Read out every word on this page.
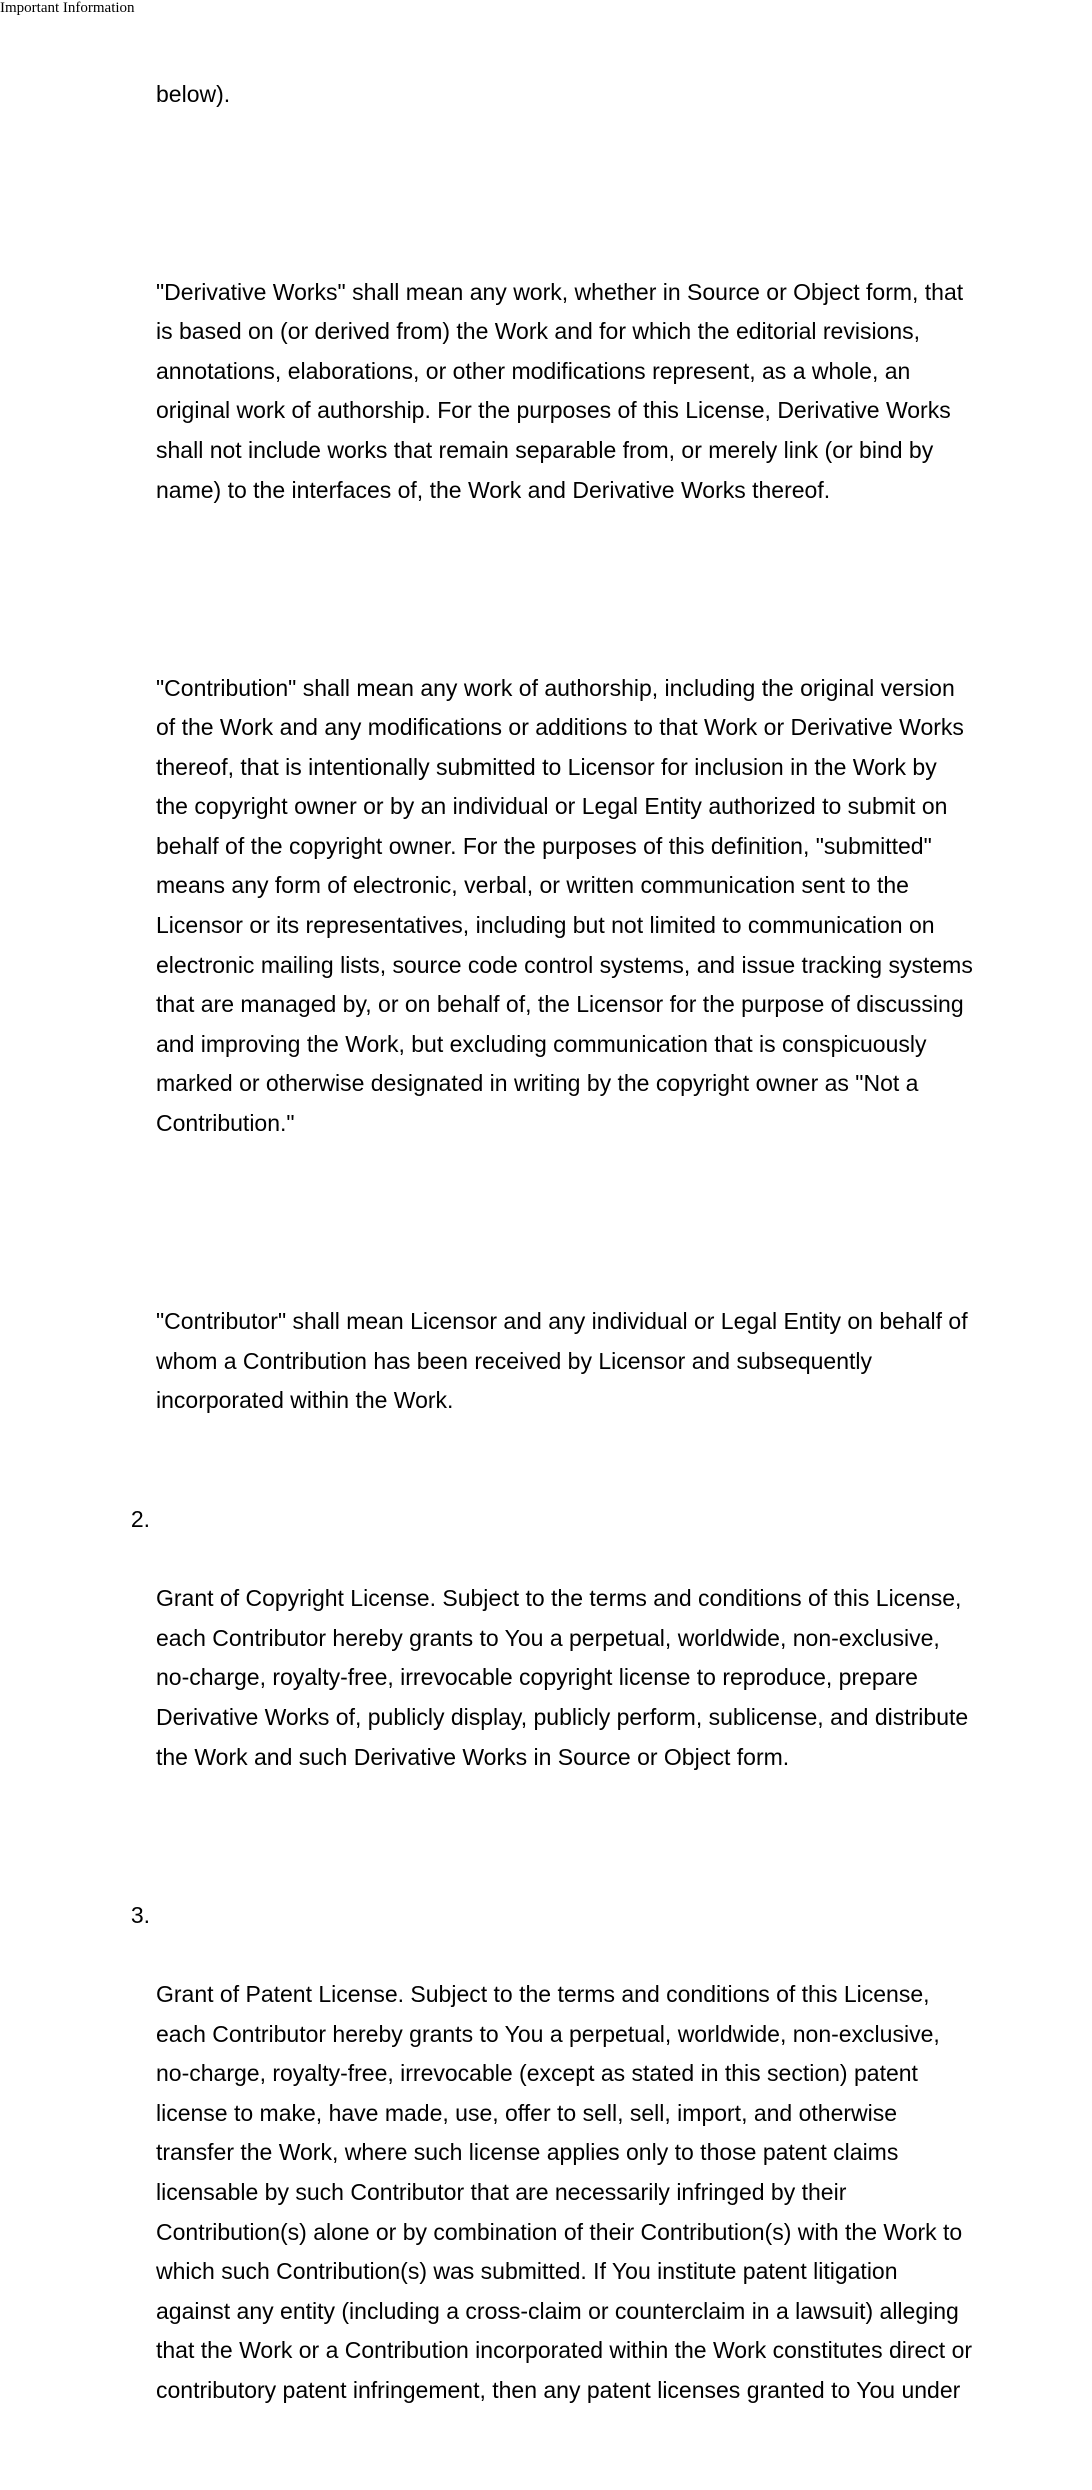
Important Information

below).

"Derivative Works" shall mean any work, whether in Source or Object form, that
is based on (or derived from) the Work and for which the editorial revisions,
annotations, elaborations, or other modifications represent, as a whole, an
original work of authorship. For the purposes of this License, Derivative Works
shall not include works that remain separable from, or merely link (or bind by
name) to the interfaces of, the Work and Derivative Works thereof.

"Contribution" shall mean any work of authorship, including the original version
of the Work and any modifications or additions to that Work or Derivative Works
thereof, that is intentionally submitted to Licensor for inclusion in the Work by
the copyright owner or by an individual or Legal Entity authorized to submit on
behalf of the copyright owner. For the purposes of this definition, "submitted"
means any form of electronic, verbal, or written communication sent to the
Licensor or its representatives, including but not limited to communication on
electronic mailing lists, source code control systems, and issue tracking systems
that are managed by, or on behalf of, the Licensor for the purpose of discussing
and improving the Work, but excluding communication that is conspicuously
marked or otherwise designated in writing by the copyright owner as "Not a
Contribution."

"Contributor" shall mean Licensor and any individual or Legal Entity on behalf of
whom a Contribution has been received by Licensor and subsequently
incorporated within the Work.

2.

Grant of Copyright License. Subject to the terms and conditions of this License,
each Contributor hereby grants to You a perpetual, worldwide, non-exclusive,
no-charge, royalty-free, irrevocable copyright license to reproduce, prepare
Derivative Works of, publicly display, publicly perform, sublicense, and distribute
the Work and such Derivative Works in Source or Object form.

3.

Grant of Patent License. Subject to the terms and conditions of this License,
each Contributor hereby grants to You a perpetual, worldwide, non-exclusive,
no-charge, royalty-free, irrevocable (except as stated in this section) patent
license to make, have made, use, offer to sell, sell, import, and otherwise
transfer the Work, where such license applies only to those patent claims
licensable by such Contributor that are necessarily infringed by their
Contribution(s) alone or by combination of their Contribution(s) with the Work to
which such Contribution(s) was submitted. If You institute patent litigation
against any entity (including a cross-claim or counterclaim in a lawsuit) alleging
that the Work or a Contribution incorporated within the Work constitutes direct or
contributory patent infringement, then any patent licenses granted to You under
